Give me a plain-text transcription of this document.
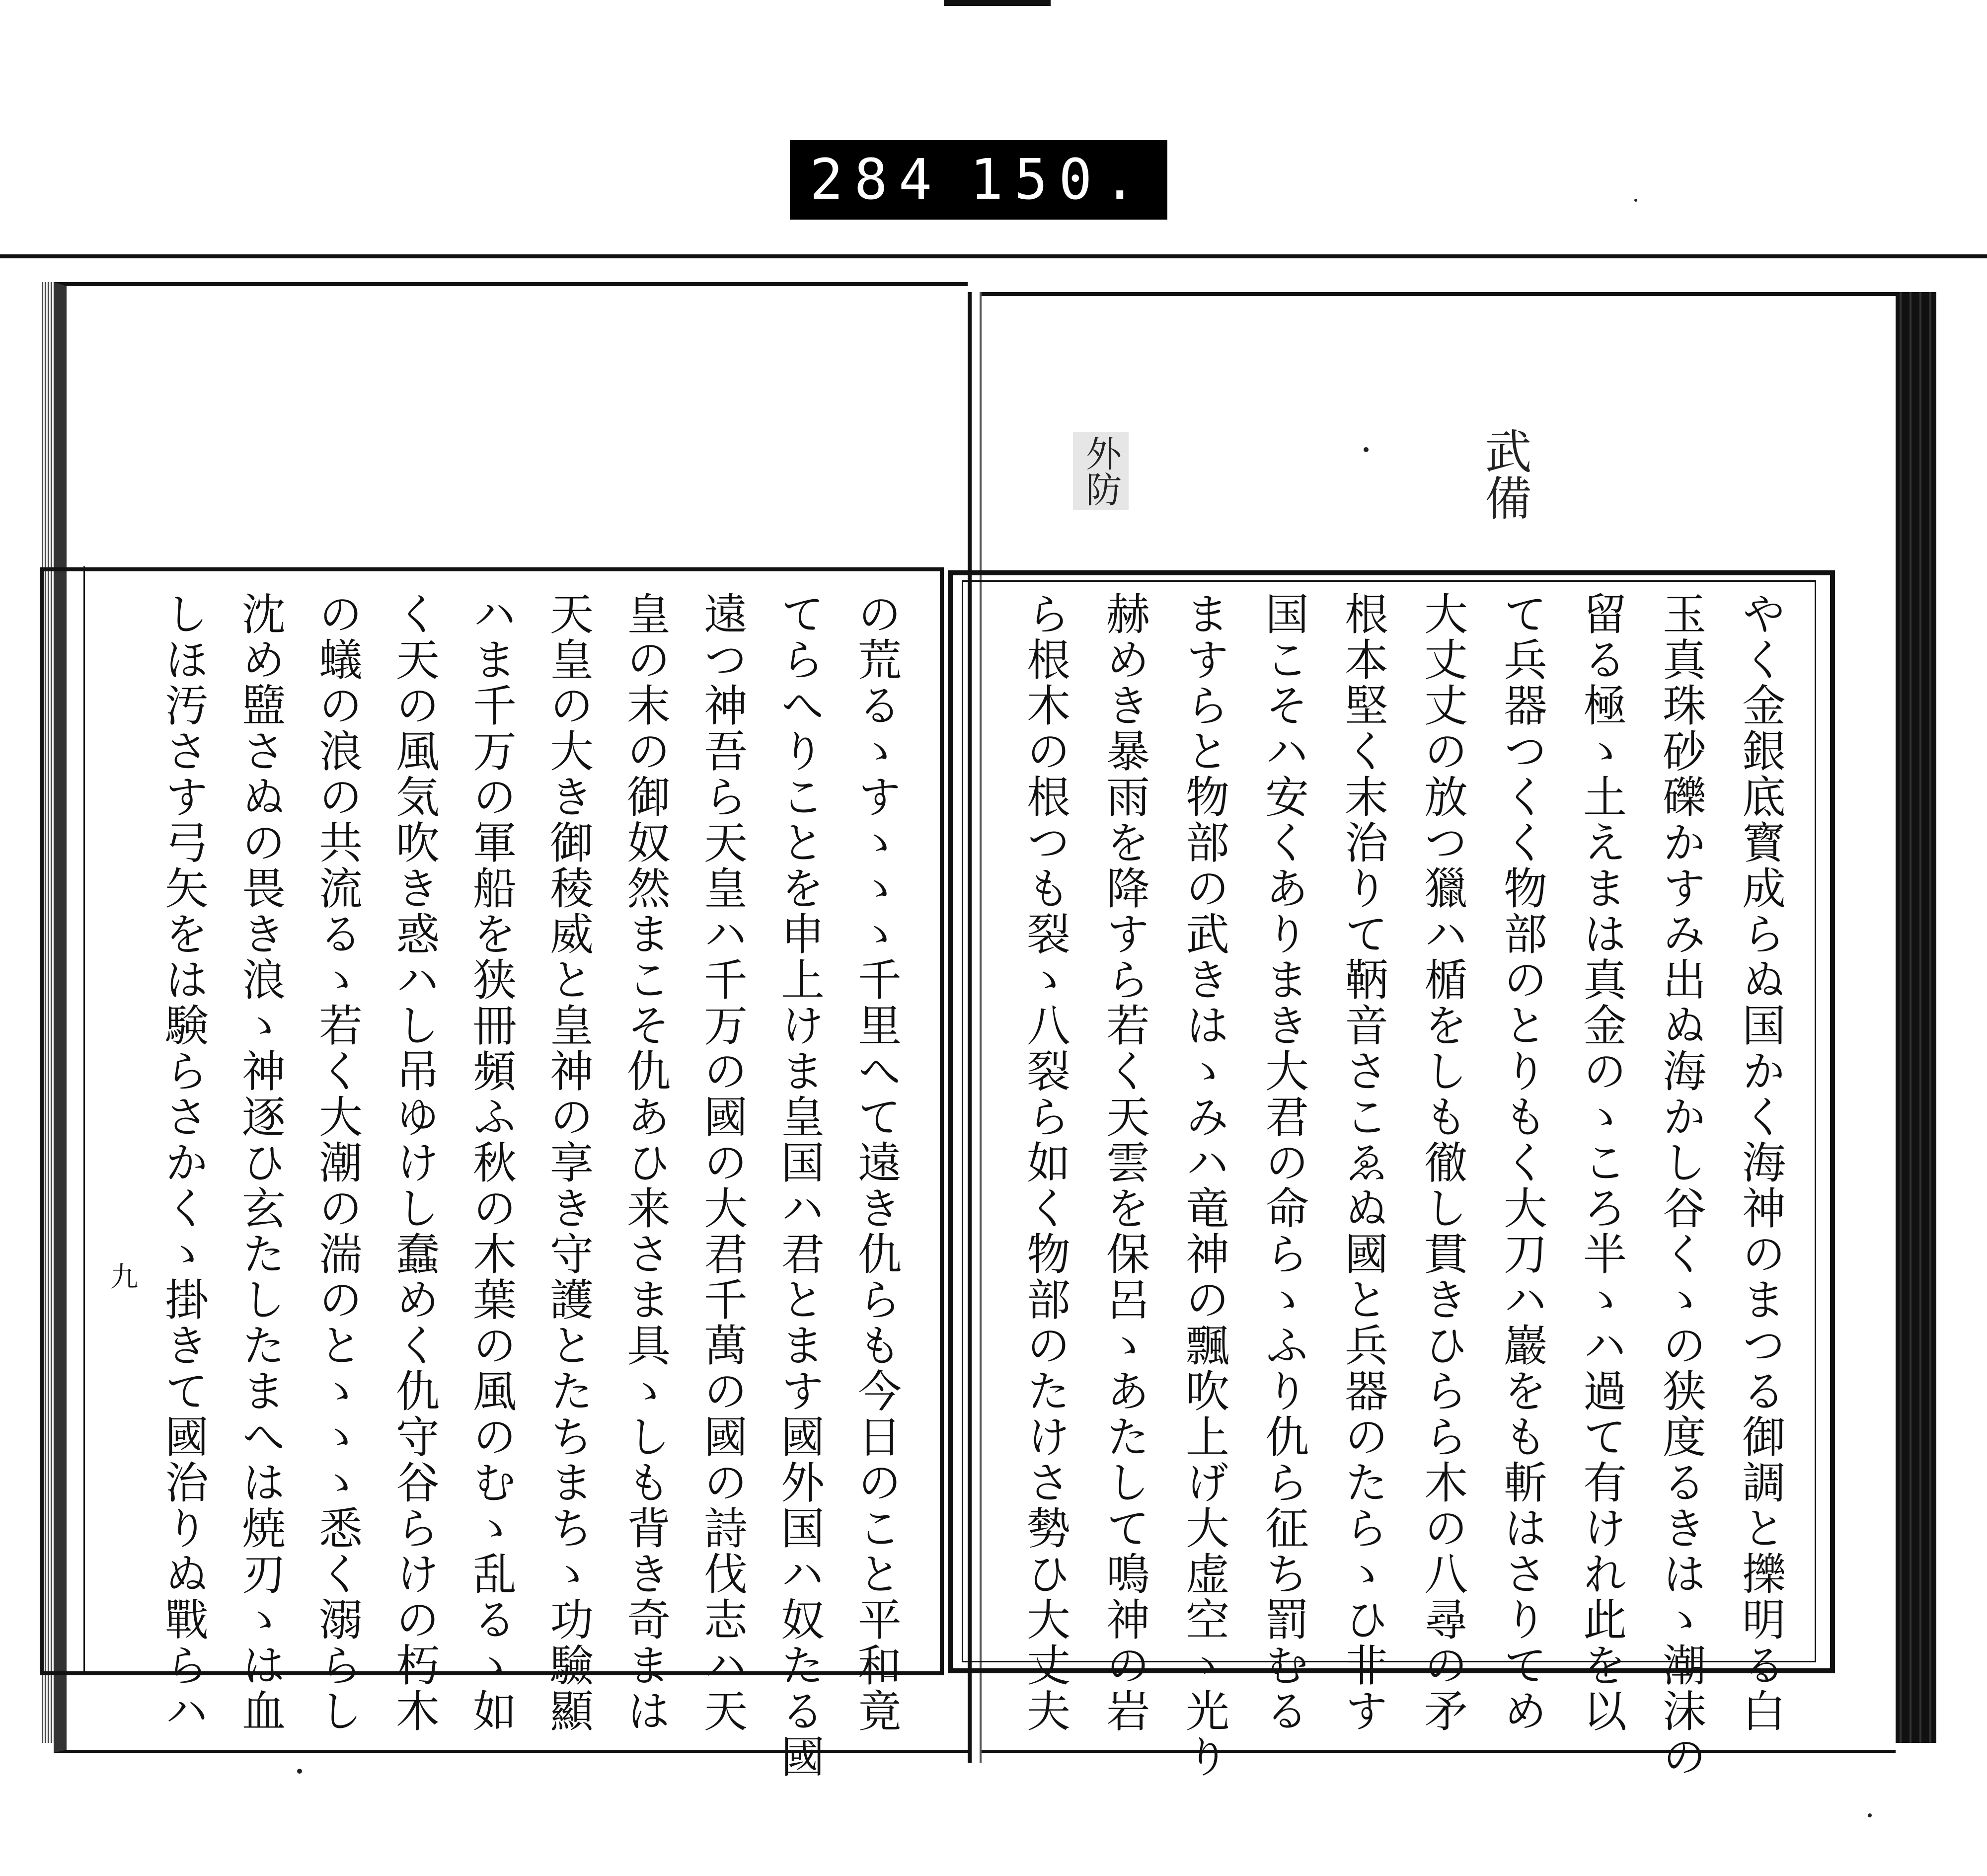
284 150.
武備
外防
やく金銀底寳成らぬ国かく海神のまつる御調と擽明る白
玉真珠砂礫かすみ出ぬ海かし谷くゝの狭度るきはゝ潮沫の
留る極ゝ土えまは真金のゝころ半ゝハ過て有けれ此を以
て兵器つくく物部のとりもく大刀ハ巖をも斬はさりてめ
大丈丈の放つ獵ハ楯をしも徹し貫きひらら木の八尋の矛
根本堅く末治りて鞆音さこゑぬ國と兵器のたらゝひ非す
国こそハ安くありまき大君の命らゝふり仇ら征ち罰むる
ますらと物部の武きはゝみハ竜神の飄吹上げ大虚空ゝ光り
赫めき暴雨を降すら若く天雲を保呂ゝあたして鳴神の岩
ら根木の根つも裂ゝ八裂ら如く物部のたけさ勢ひ大丈夫
の荒るゝすゝゝゝ千里へて遠き仇らも今日のこと平和竟
てらへりことを申上けま皇国ハ君とます國外国ハ奴たる國
遠つ神吾ら天皇ハ千万の國の大君千萬の國の詩伐志ハ天
皇の末の御奴然まこそ仇あひ来さま具ゝしも背き奇まは
天皇の大き御稜威と皇神の享き守護とたちまちゝ功驗顯
ハま千万の軍船を狭冊頻ふ秋の木葉の風のむゝ乱るゝ如
く天の風気吹き惑ハし吊ゆけし蠢めく仇守谷らけの朽木
の蟻の浪の共流るゝ若く大潮の湍のとゝゝゝ悉く溺らし
沈め盬さぬの畏き浪ゝ神逐ひ玄たしたまへは焼刃ゝは血
しほ汚さす弓矢をは験らさかくゝ掛きて國治りぬ戰らハ
九
